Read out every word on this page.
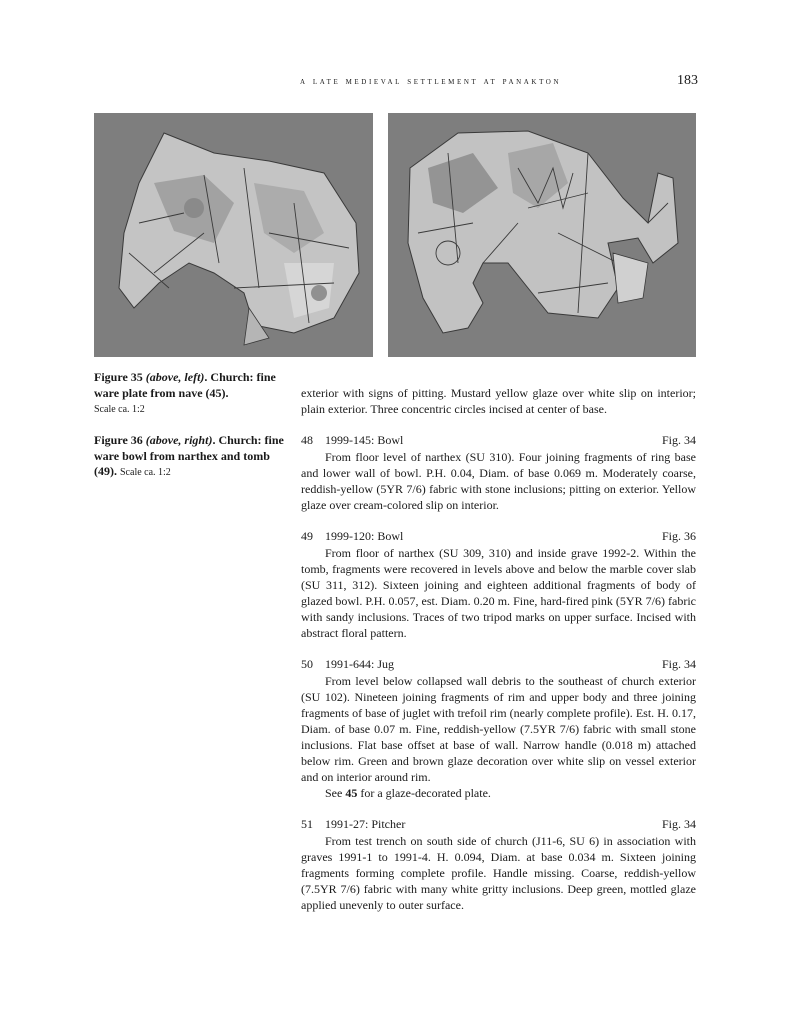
a late medieval settlement at panakton	183
Figure 35 (above, left). Church: fine ware plate from nave (45).
Scale ca. 1:2
Figure 36 (above, right). Church: fine ware bowl from narthex and tomb (49). Scale ca. 1:2

exterior with signs of pitting. Mustard yellow glaze over white slip on interior; plain exterior. Three concentric circles incised at center of base.

48 1999-145: Bowl	Fig. 34

From floor level of narthex (SU 310). Four joining fragments of ring base and lower wall of bowl. P.H. 0.04, Diam. of base 0.069 m. Moderately coarse, reddish-yellow (5YR 7/6) fabric with stone inclusions; pitting on exterior. Yellow glaze over cream-colored slip on interior.

49 1999-120: Bowl	Fig. 36

From floor of narthex (SU 309, 310) and inside grave 1992-2. Within the tomb, fragments were recovered in levels above and below the marble cover slab (SU 311, 312). Sixteen joining and eighteen additional fragments of body of glazed bowl. P.H. 0.057, est. Diam. 0.20 m. Fine, hard-fired pink (5YR 7/6) fabric with sandy inclusions. Traces of two tripod marks on upper surface. Incised with abstract floral pattern.

50 1991-644: Jug	Fig. 34

From level below collapsed wall debris to the southeast of church exterior (SU 102). Nineteen joining fragments of rim and upper body and three joining fragments of base of juglet with trefoil rim (nearly complete profile). Est. H. 0.17, Diam. of base 0.07 m. Fine, reddish-yellow (7.5YR 7/6) fabric with small stone inclusions. Flat base offset at base of wall. Narrow handle (0.018 m) attached below rim. Green and brown glaze decoration over white slip on vessel exterior and on interior around rim.

See 45 for a glaze-decorated plate.

51 1991-27: Pitcher	Fig. 34

From test trench on south side of church (J11-6, SU 6) in association with graves 1991-1 to 1991-4. H. 0.094, Diam. at base 0.034 m. Sixteen joining fragments forming complete profile. Handle missing. Coarse, reddish-yellow (7.5YR 7/6) fabric with many white gritty inclusions. Deep green, mottled glaze applied unevenly to outer surface.
